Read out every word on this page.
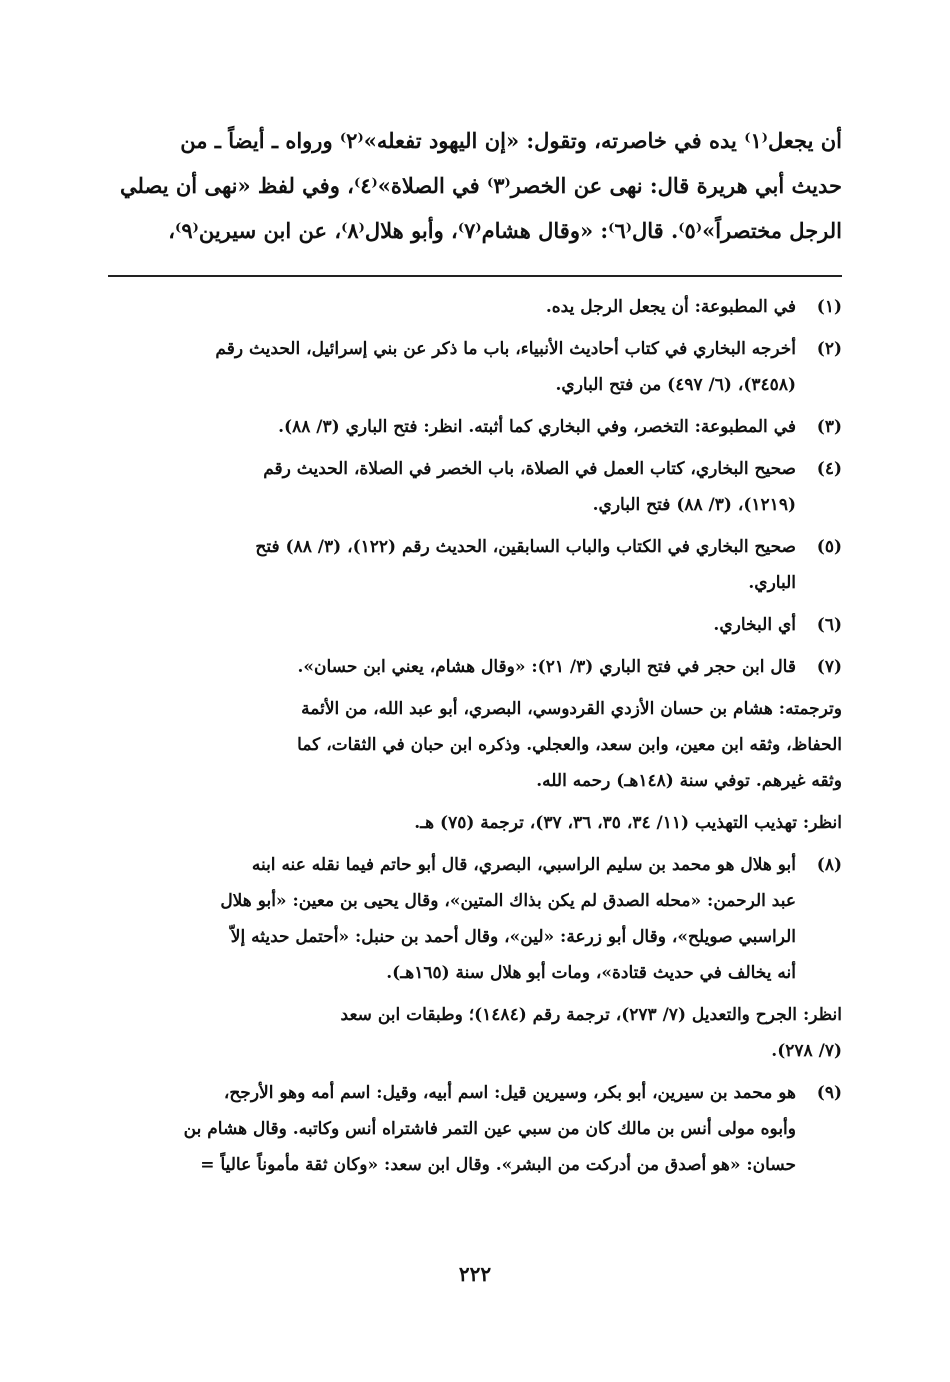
أن يجعل⁽١⁾ يده في خاصرته، وتقول: «إن اليهود تفعله»⁽٢⁾ ورواه ـ أيضاً ـ من
حديث أبي هريرة قال: نهى عن الخصر⁽٣⁾ في الصلاة»⁽٤⁾، وفي لفظ «نهى أن يصلي
الرجل مختصراً»⁽٥⁾. قال⁽٦⁾: «وقال هشام⁽٧⁾، وأبو هلال⁽٨⁾، عن ابن سيرين⁽٩⁾،
(١)
في المطبوعة: أن يجعل الرجل يده.
(٢)
أخرجه البخاري في كتاب أحاديث الأنبياء، باب ما ذكر عن بني إسرائيل، الحديث رقم
(٣٤٥٨)، (٦/ ٤٩٧) من فتح الباري.
(٣)
في المطبوعة: التخصر، وفي البخاري كما أثبته. انظر: فتح الباري (٣/ ٨٨).
(٤)
صحيح البخاري، كتاب العمل في الصلاة، باب الخصر في الصلاة، الحديث رقم
(١٢١٩)، (٣/ ٨٨) فتح الباري.
(٥)
صحيح البخاري في الكتاب والباب السابقين، الحديث رقم (١٢٢)، (٣/ ٨٨) فتح
الباري.
(٦)
أي البخاري.
(٧)
قال ابن حجر في فتح الباري (٣/ ٢١): «وقال هشام، يعني ابن حسان».
وترجمته: هشام بن حسان الأزدي القردوسي، البصري، أبو عبد الله، من الأئمة
الحفاظ، وثقه ابن معين، وابن سعد، والعجلي. وذكره ابن حبان في الثقات، كما
وثقه غيرهم. توفي سنة (١٤٨هـ) رحمه الله.
انظر: تهذيب التهذيب (١١/ ٣٤، ٣٥، ٣٦، ٣٧)، ترجمة (٧٥) هـ.
(٨)
أبو هلال هو محمد بن سليم الراسبي، البصري، قال أبو حاتم فيما نقله عنه ابنه
عبد الرحمن: «محله الصدق لم يكن بذاك المتين»، وقال يحيى بن معين: «أبو هلال
الراسبي صويلح»، وقال أبو زرعة: «لين»، وقال أحمد بن حنبل: «أحتمل حديثه إلاّ
أنه يخالف في حديث قتادة»، ومات أبو هلال سنة (١٦٥هـ).
انظر: الجرح والتعديل (٧/ ٢٧٣)، ترجمة رقم (١٤٨٤)؛ وطبقات ابن سعد
(٧/ ٢٧٨).
(٩)
هو محمد بن سيرين، أبو بكر، وسيرين قيل: اسم أبيه، وقيل: اسم أمه وهو الأرجح،
وأبوه مولى أنس بن مالك كان من سبي عين التمر فاشتراه أنس وكاتبه. وقال هشام بن
حسان: «هو أصدق من أدركت من البشر». وقال ابن سعد: «وكان ثقة مأموناً عالياً =
٢٢٢
